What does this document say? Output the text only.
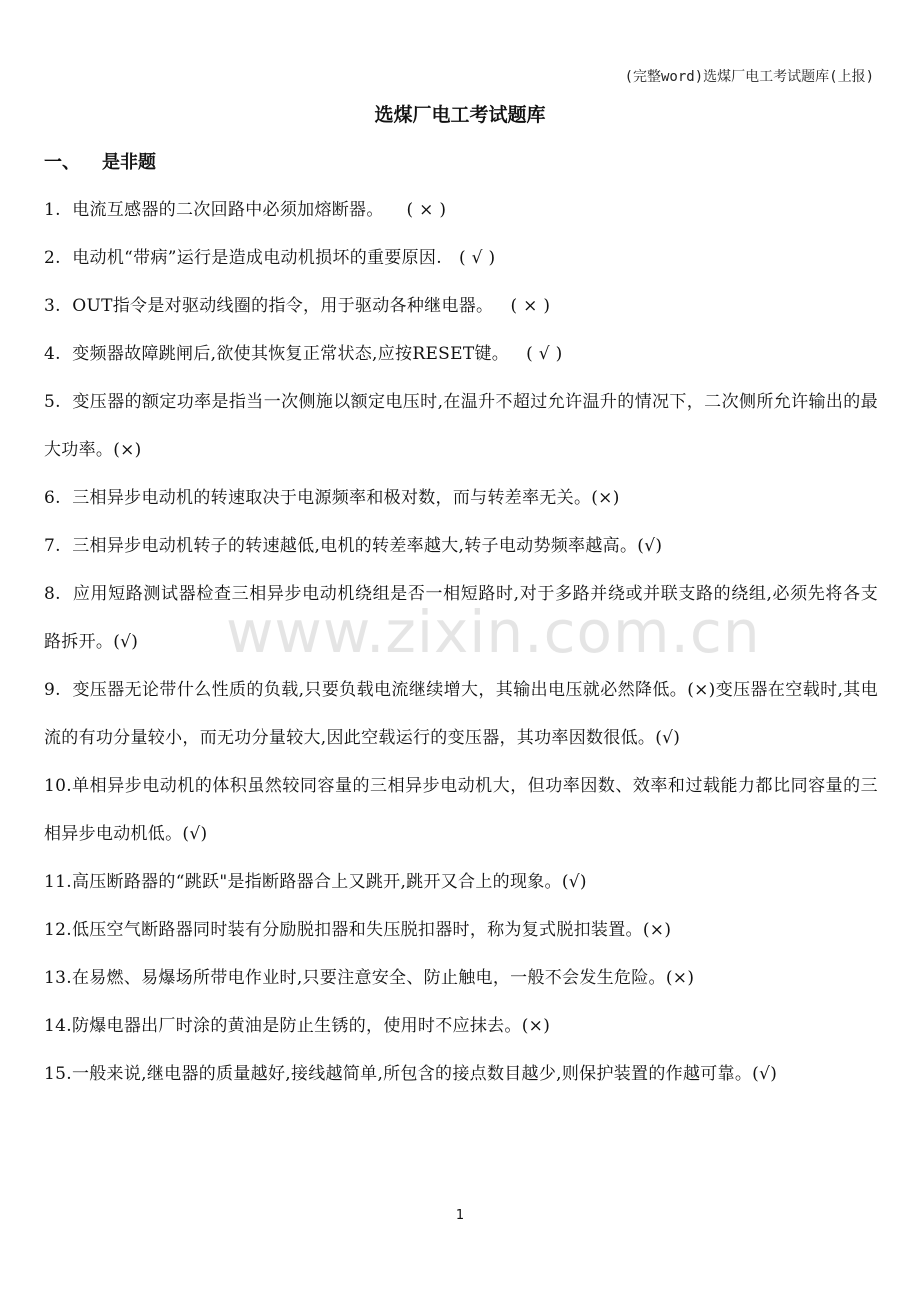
(完整word)选煤厂电工考试题库(上报)
选煤厂电工考试题库
一、 是非题

1. 电流互感器的二次回路中必须加熔断器。    ( × )

2. 电动机“带病”运行是造成电动机损坏的重要原因.   ( √ )

3. OUT指令是对驱动线圈的指令，用于驱动各种继电器。   ( × )

4. 变频器故障跳闸后,欲使其恢复正常状态,应按RESET键。   ( √ )

5. 变压器的额定功率是指当一次侧施以额定电压时,在温升不超过允许温升的情况下，二次侧所允许输出的最大功率。(×)

6. 三相异步电动机的转速取决于电源频率和极对数，而与转差率无关。(×)

7. 三相异步电动机转子的转速越低,电机的转差率越大,转子电动势频率越高。(√)

8. 应用短路测试器检查三相异步电动机绕组是否一相短路时,对于多路并绕或并联支路的绕组,必须先将各支路拆开。(√)

9. 变压器无论带什么性质的负载,只要负载电流继续增大，其输出电压就必然降低。(×)变压器在空载时,其电流的有功分量较小，而无功分量较大,因此空载运行的变压器，其功率因数很低。(√)

10.单相异步电动机的体积虽然较同容量的三相异步电动机大，但功率因数、效率和过载能力都比同容量的三相异步电动机低。(√)

11.高压断路器的“跳跃"是指断路器合上又跳开,跳开又合上的现象。(√)

12.低压空气断路器同时装有分励脱扣器和失压脱扣器时，称为复式脱扣装置。(×)

13.在易燃、易爆场所带电作业时,只要注意安全、防止触电，一般不会发生危险。(×)

14.防爆电器出厂时涂的黄油是防止生锈的，使用时不应抹去。(×)

15.一般来说,继电器的质量越好,接线越简单,所包含的接点数目越少,则保护装置的作越可靠。(√)

www.zixin.com.cn
1
